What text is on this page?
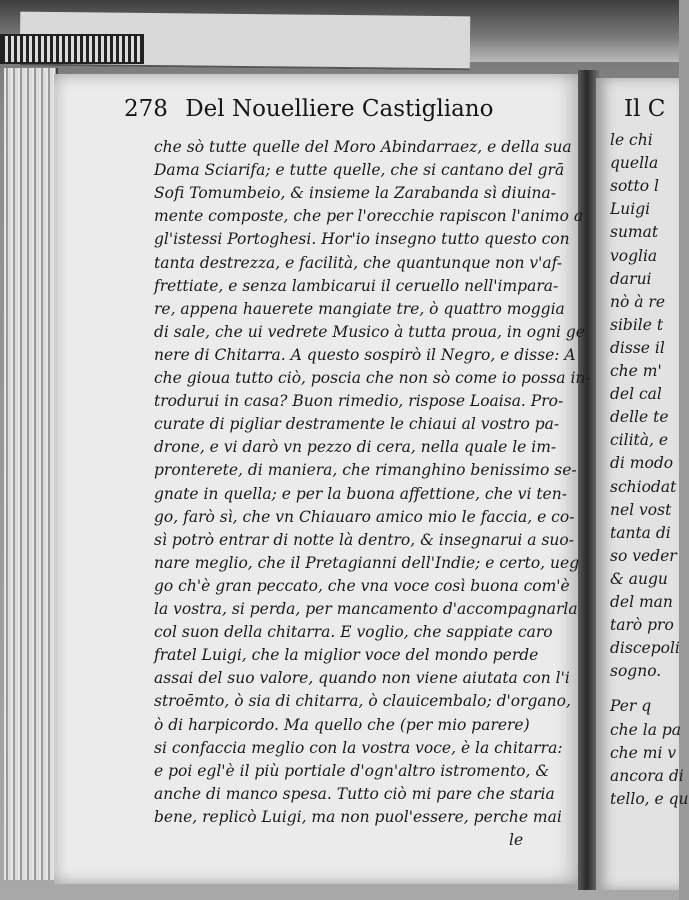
Il C
le chi
quella
sotto l
Luigi
sumat
voglia
darui
nò à re
sibile t
disse il
che m'
del cal
delle te
cilità, e
di modo
schiodat
nel vost
tanta di
so veder
& augu
del man
tarò pro
discepoli
sogno.
Per q
che la pa
che mi v
ancora di
tello, e qu
278 Del Nouelliere Castigliano
che sò tutte quelle del Moro Abindarraez, e della sua
Dama Sciarifa; e tutte quelle, che si cantano del grā
Sofi Tomumbeio, & insieme la Zarabanda sì diuina-
mente composte, che per l'orecchie rapiscon l'animo a
gl'istessi Portoghesi. Hor'io insegno tutto questo con
tanta destrezza, e facilità, che quantunque non v'af-
frettiate, e senza lambicarui il ceruello nell'impara-
re, appena hauerete mangiate tre, ò quattro moggia
di sale, che ui vedrete Musico à tutta proua, in ogni ge
nere di Chitarra. A questo sospirò il Negro, e disse: A
che gioua tutto ciò, poscia che non sò come io possa in-
trodurui in casa? Buon rimedio, rispose Loaisa. Pro-
curate di pigliar destramente le chiaui al vostro pa-
drone, e vi darò vn pezzo di cera, nella quale le im-
pronterete, di maniera, che rimanghino benissimo se-
gnate in quella; e per la buona affettione, che vi ten-
go, farò sì, che vn Chiauaro amico mio le faccia, e co-
sì potrò entrar di notte là dentro, & insegnarui a suo-
nare meglio, che il Pretagianni dell'Indie; e certo, ueg
go ch'è gran peccato, che vna voce così buona com'è
la vostra, si perda, per mancamento d'accompagnarla
col suon della chitarra. E voglio, che sappiate caro
fratel Luigi, che la miglior voce del mondo perde
assai del suo valore, quando non viene aiutata con l'i
stroēmto, ò sia di chitarra, ò clauicembalo; d'organo,
ò di harpicordo. Ma quello che (per mio parere)
si confaccia meglio con la vostra voce, è la chitarra:
e poi egl'è il più portiale d'ogn'altro istromento, &
anche di manco spesa. Tutto ciò mi pare che staria
bene, replicò Luigi, ma non puol'essere, perche mai
le
